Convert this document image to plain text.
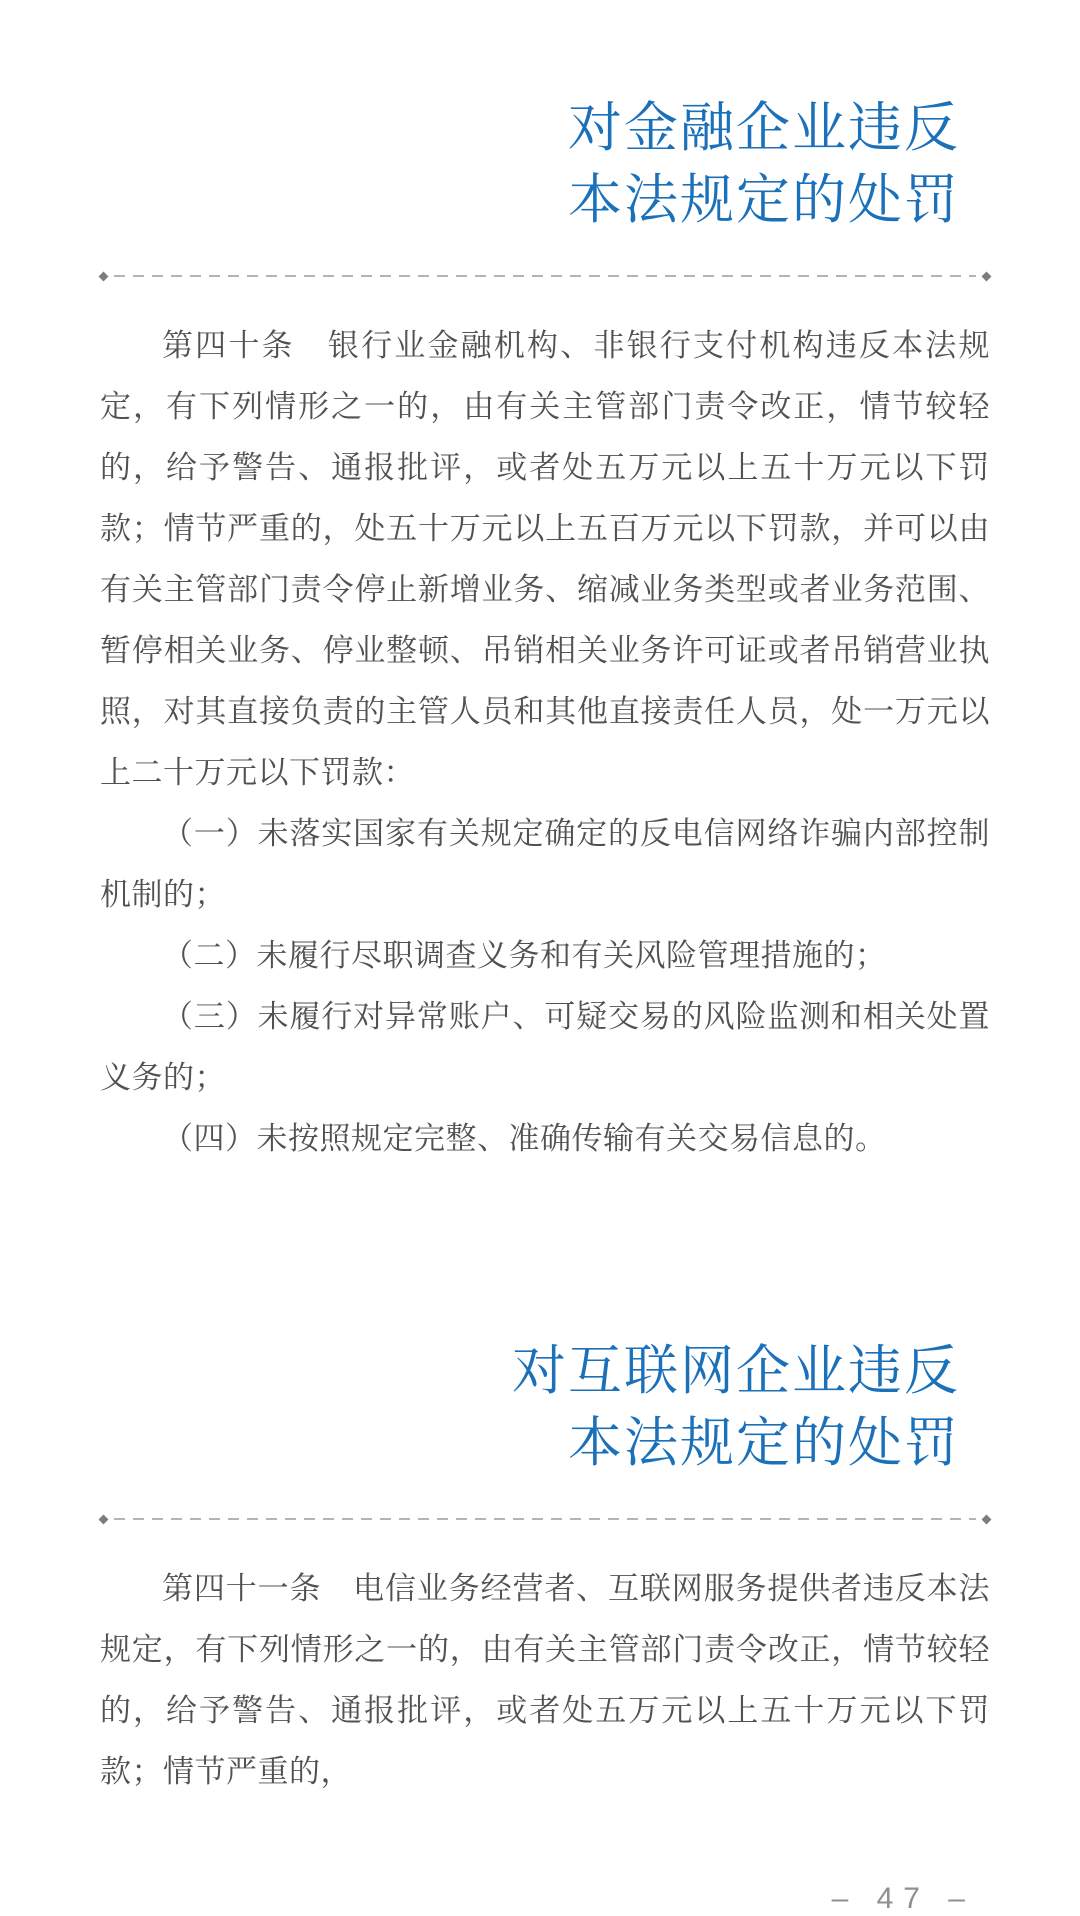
对金融企业违反
本法规定的处罚

第四十条　银行业金融机构、非银行支付机构违反本法规定，有下列情形之一的，由有关主管部门责令改正，情节较轻的，给予警告、通报批评，或者处五万元以上五十万元以下罚款；情节严重的，处五十万元以上五百万元以下罚款，并可以由有关主管部门责令停止新增业务、缩减业务类型或者业务范围、暂停相关业务、停业整顿、吊销相关业务许可证或者吊销营业执照，对其直接负责的主管人员和其他直接责任人员，处一万元以上二十万元以下罚款：

（一）未落实国家有关规定确定的反电信网络诈骗内部控制机制的；

（二）未履行尽职调查义务和有关风险管理措施的；

（三）未履行对异常账户、可疑交易的风险监测和相关处置义务的；

（四）未按照规定完整、准确传输有关交易信息的。

对互联网企业违反
本法规定的处罚

第四十一条　电信业务经营者、互联网服务提供者违反本法规定，有下列情形之一的，由有关主管部门责令改正，情节较轻的，给予警告、通报批评，或者处五万元以上五十万元以下罚款；情节严重的，

– 47 –
